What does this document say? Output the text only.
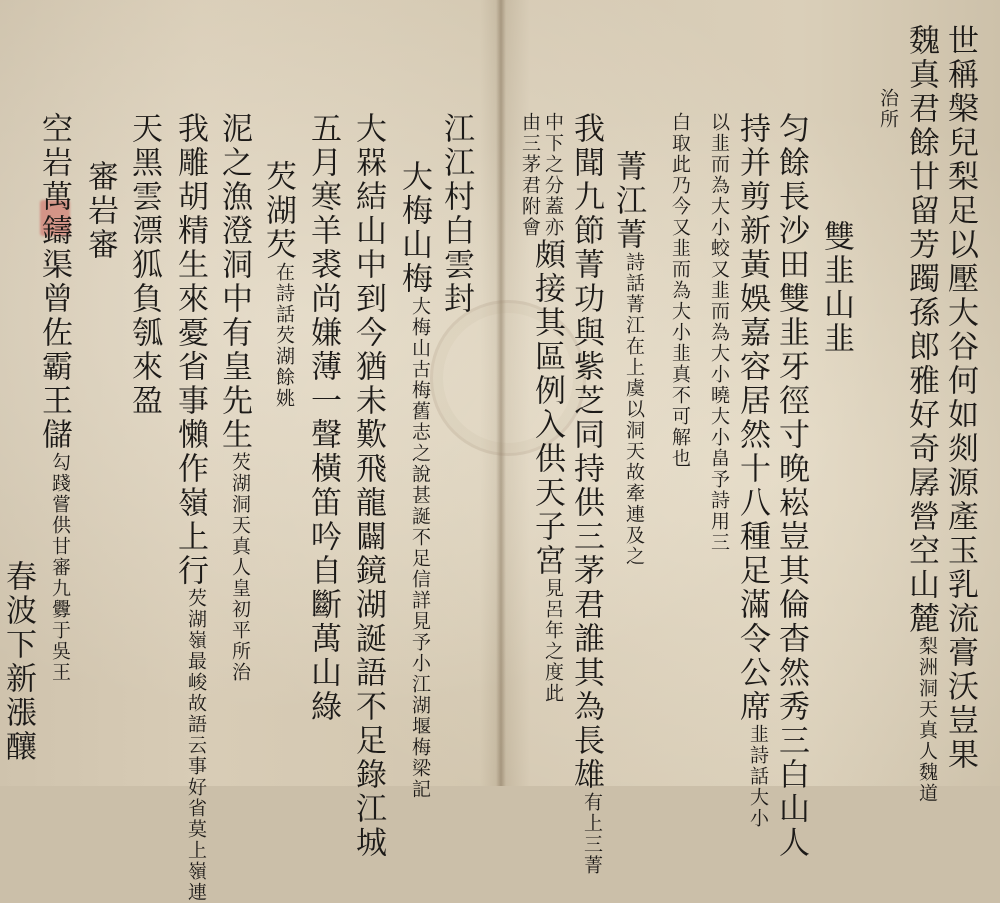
世稱槃兒梨足以壓大谷何如剡源產玉乳流膏沃豈果
魏真君餘廿留芳躅孫郎雅好奇孱營空山麓梨洲洞天真人魏道
治所
雙韭山韭
匀餘長沙田雙韭牙徑寸晚崧豈其倫杳然秀三白山人
持并剪新黃娛嘉容居然十八種足滿令公席韭詩話大小
以韭而為大小蛟又韭而為大小曉大小畠予詩用三
白取此乃今又韭而為大小韭真不可解也
菁江菁詩話菁江在上虞以洞天故牽連及之
我聞九節菁功與紫芝同持供三茅君誰其為長雄有上三菁
中下之分蓋亦頗接其區例入供天子宮見呂年之度此
由三茅君附會
江江村白雲封
大梅山梅大梅山古梅舊志之說甚誕不足信詳見予小江湖堰梅梁記
大槑結山中到今猶未歎飛龍闢鏡湖誕語不足錄江城
五月寒羊裘尚嫌薄一聲橫笛吟自斷萬山綠
芡湖芡在詩話芡湖餘姚
泥之漁澄洞中有皇先生芡湖洞天真人皇初平所治
我雕胡精生來憂省事懶作嶺上行芡湖嶺最峻故語云事好省莫上嶺連
天黑雲漂狐負瓠來盈
審岩審
空岩萬鑄渠曾佐霸王儲勾踐嘗供甘審九釁于吳王
春波下新漲釀
